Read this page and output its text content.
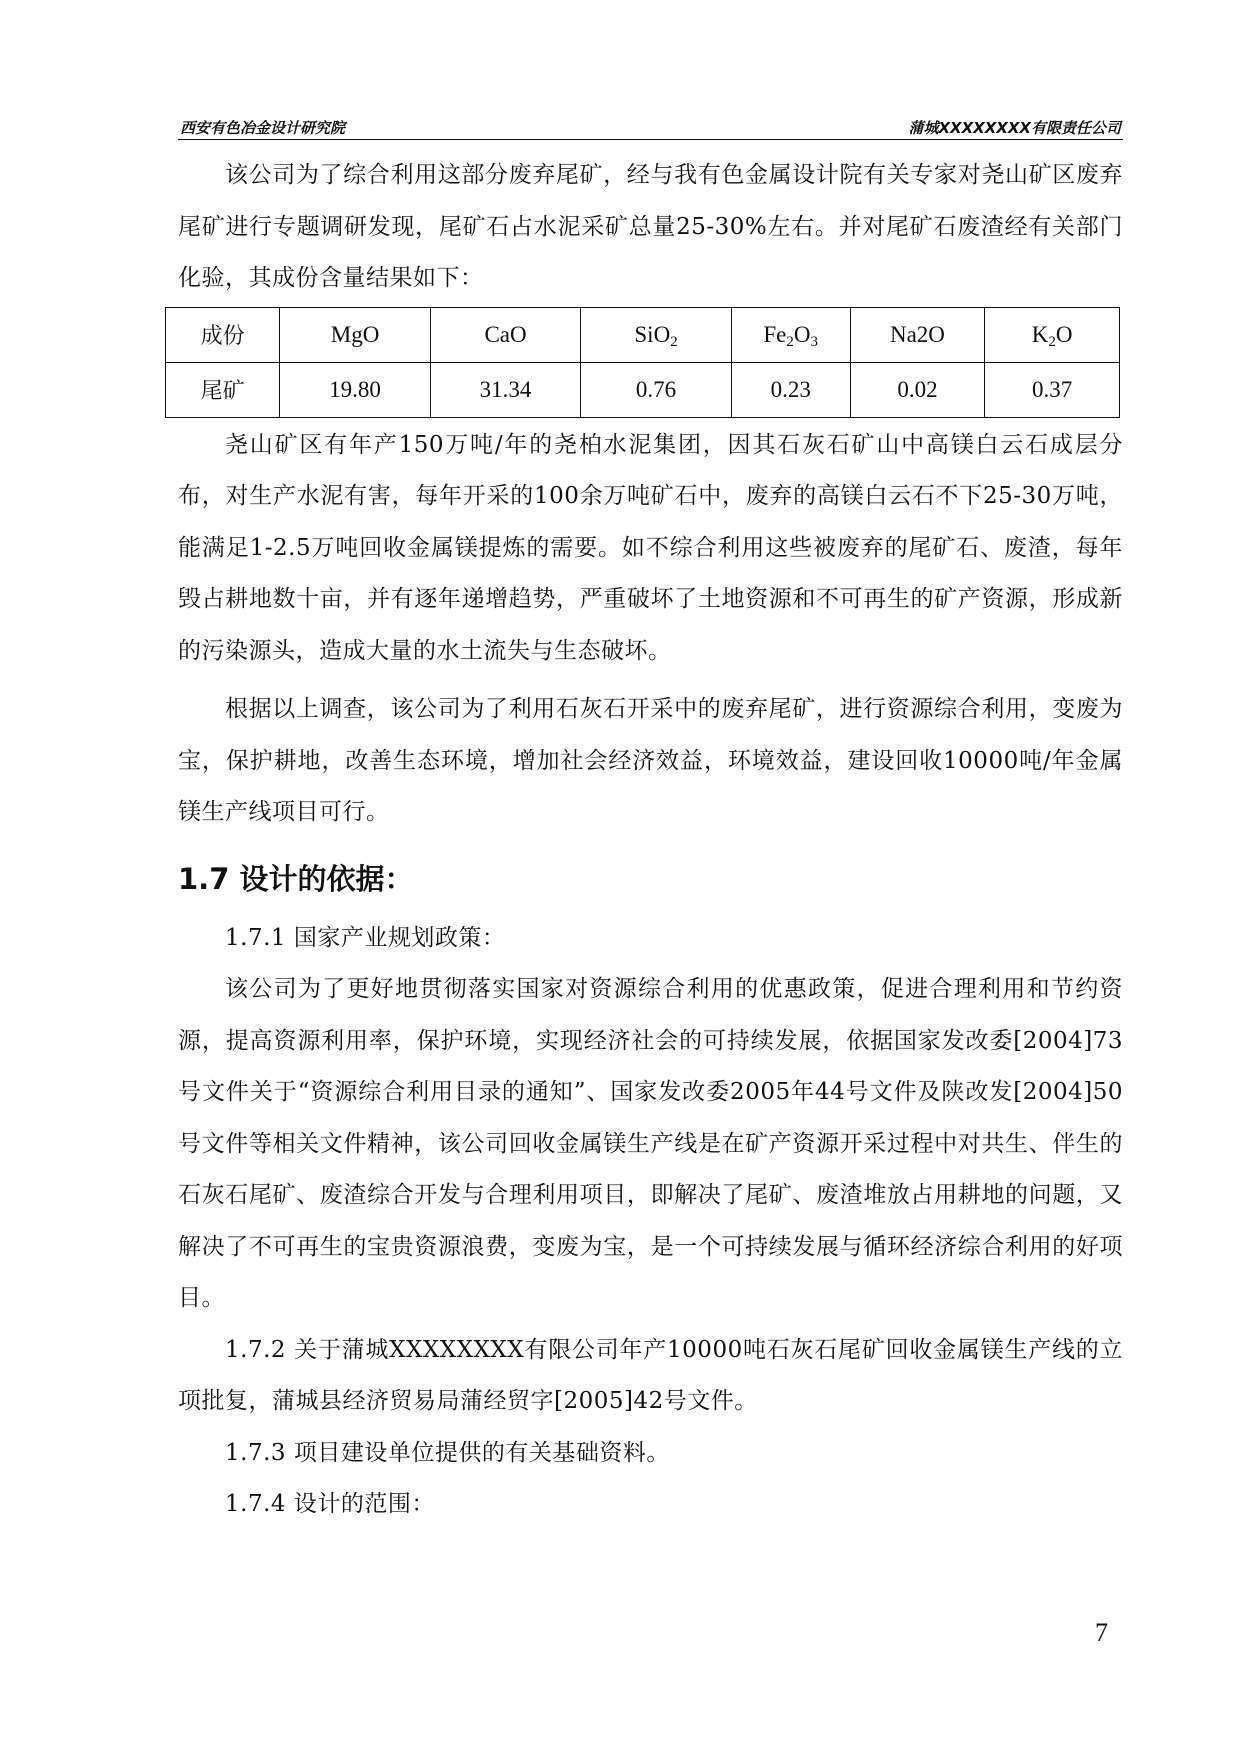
西安有色冶金设计研究院	蒲城XXXXXXXX有限责任公司

该公司为了综合利用这部分废弃尾矿，经与我有色金属设计院有关专家对尧山矿区废弃尾矿进行专题调研发现，尾矿石占水泥采矿总量25-30%左右。并对尾矿石废渣经有关部门化验，其成份含量结果如下：

成份	MgO	CaO	SiO$_2$	$Fe_2O_3$	Na2O	$K_2O$
尾矿	19.80	31.34	0.76	0.23	0.02	0.37

尧山矿区有年产150万吨/年的尧柏水泥集团，因其石灰石矿山中高镁白云石成层分布，对生产水泥有害，每年开采的100余万吨矿石中，废弃的高镁白云石不下25-30万吨，能满足1-2.5万吨回收金属镁提炼的需要。如不综合利用这些被废弃的尾矿石、废渣，每年毁占耕地数十亩，并有逐年递增趋势，严重破坏了土地资源和不可再生的矿产资源，形成新的污染源头，造成大量的水土流失与生态破坏。

根据以上调查，该公司为了利用石灰石开采中的废弃尾矿，进行资源综合利用，变废为宝，保护耕地，改善生态环境，增加社会经济效益，环境效益，建设回收10000吨/年金属镁生产线项目可行。

1.7 设计的依据：

1.7.1 国家产业规划政策：

该公司为了更好地贯彻落实国家对资源综合利用的优惠政策，促进合理利用和节约资源，提高资源利用率，保护环境，实现经济社会的可持续发展，依据国家发改委[2004]73号文件关于“资源综合利用目录的通知”、国家发改委2005年44号文件及陕改发[2004]50号文件等相关文件精神，该公司回收金属镁生产线是在矿产资源开采过程中对共生、伴生的石灰石尾矿、废渣综合开发与合理利用项目，即解决了尾矿、废渣堆放占用耕地的问题，又解决了不可再生的宝贵资源浪费，变废为宝，是一个可持续发展与循环经济综合利用的好项目。

1.7.2 关于蒲城XXXXXXXX有限公司年产10000吨石灰石尾矿回收金属镁生产线的立项批复，蒲城县经济贸易局蒲经贸字[2005]42号文件。

1.7.3 项目建设单位提供的有关基础资料。

1.7.4 设计的范围：

7
